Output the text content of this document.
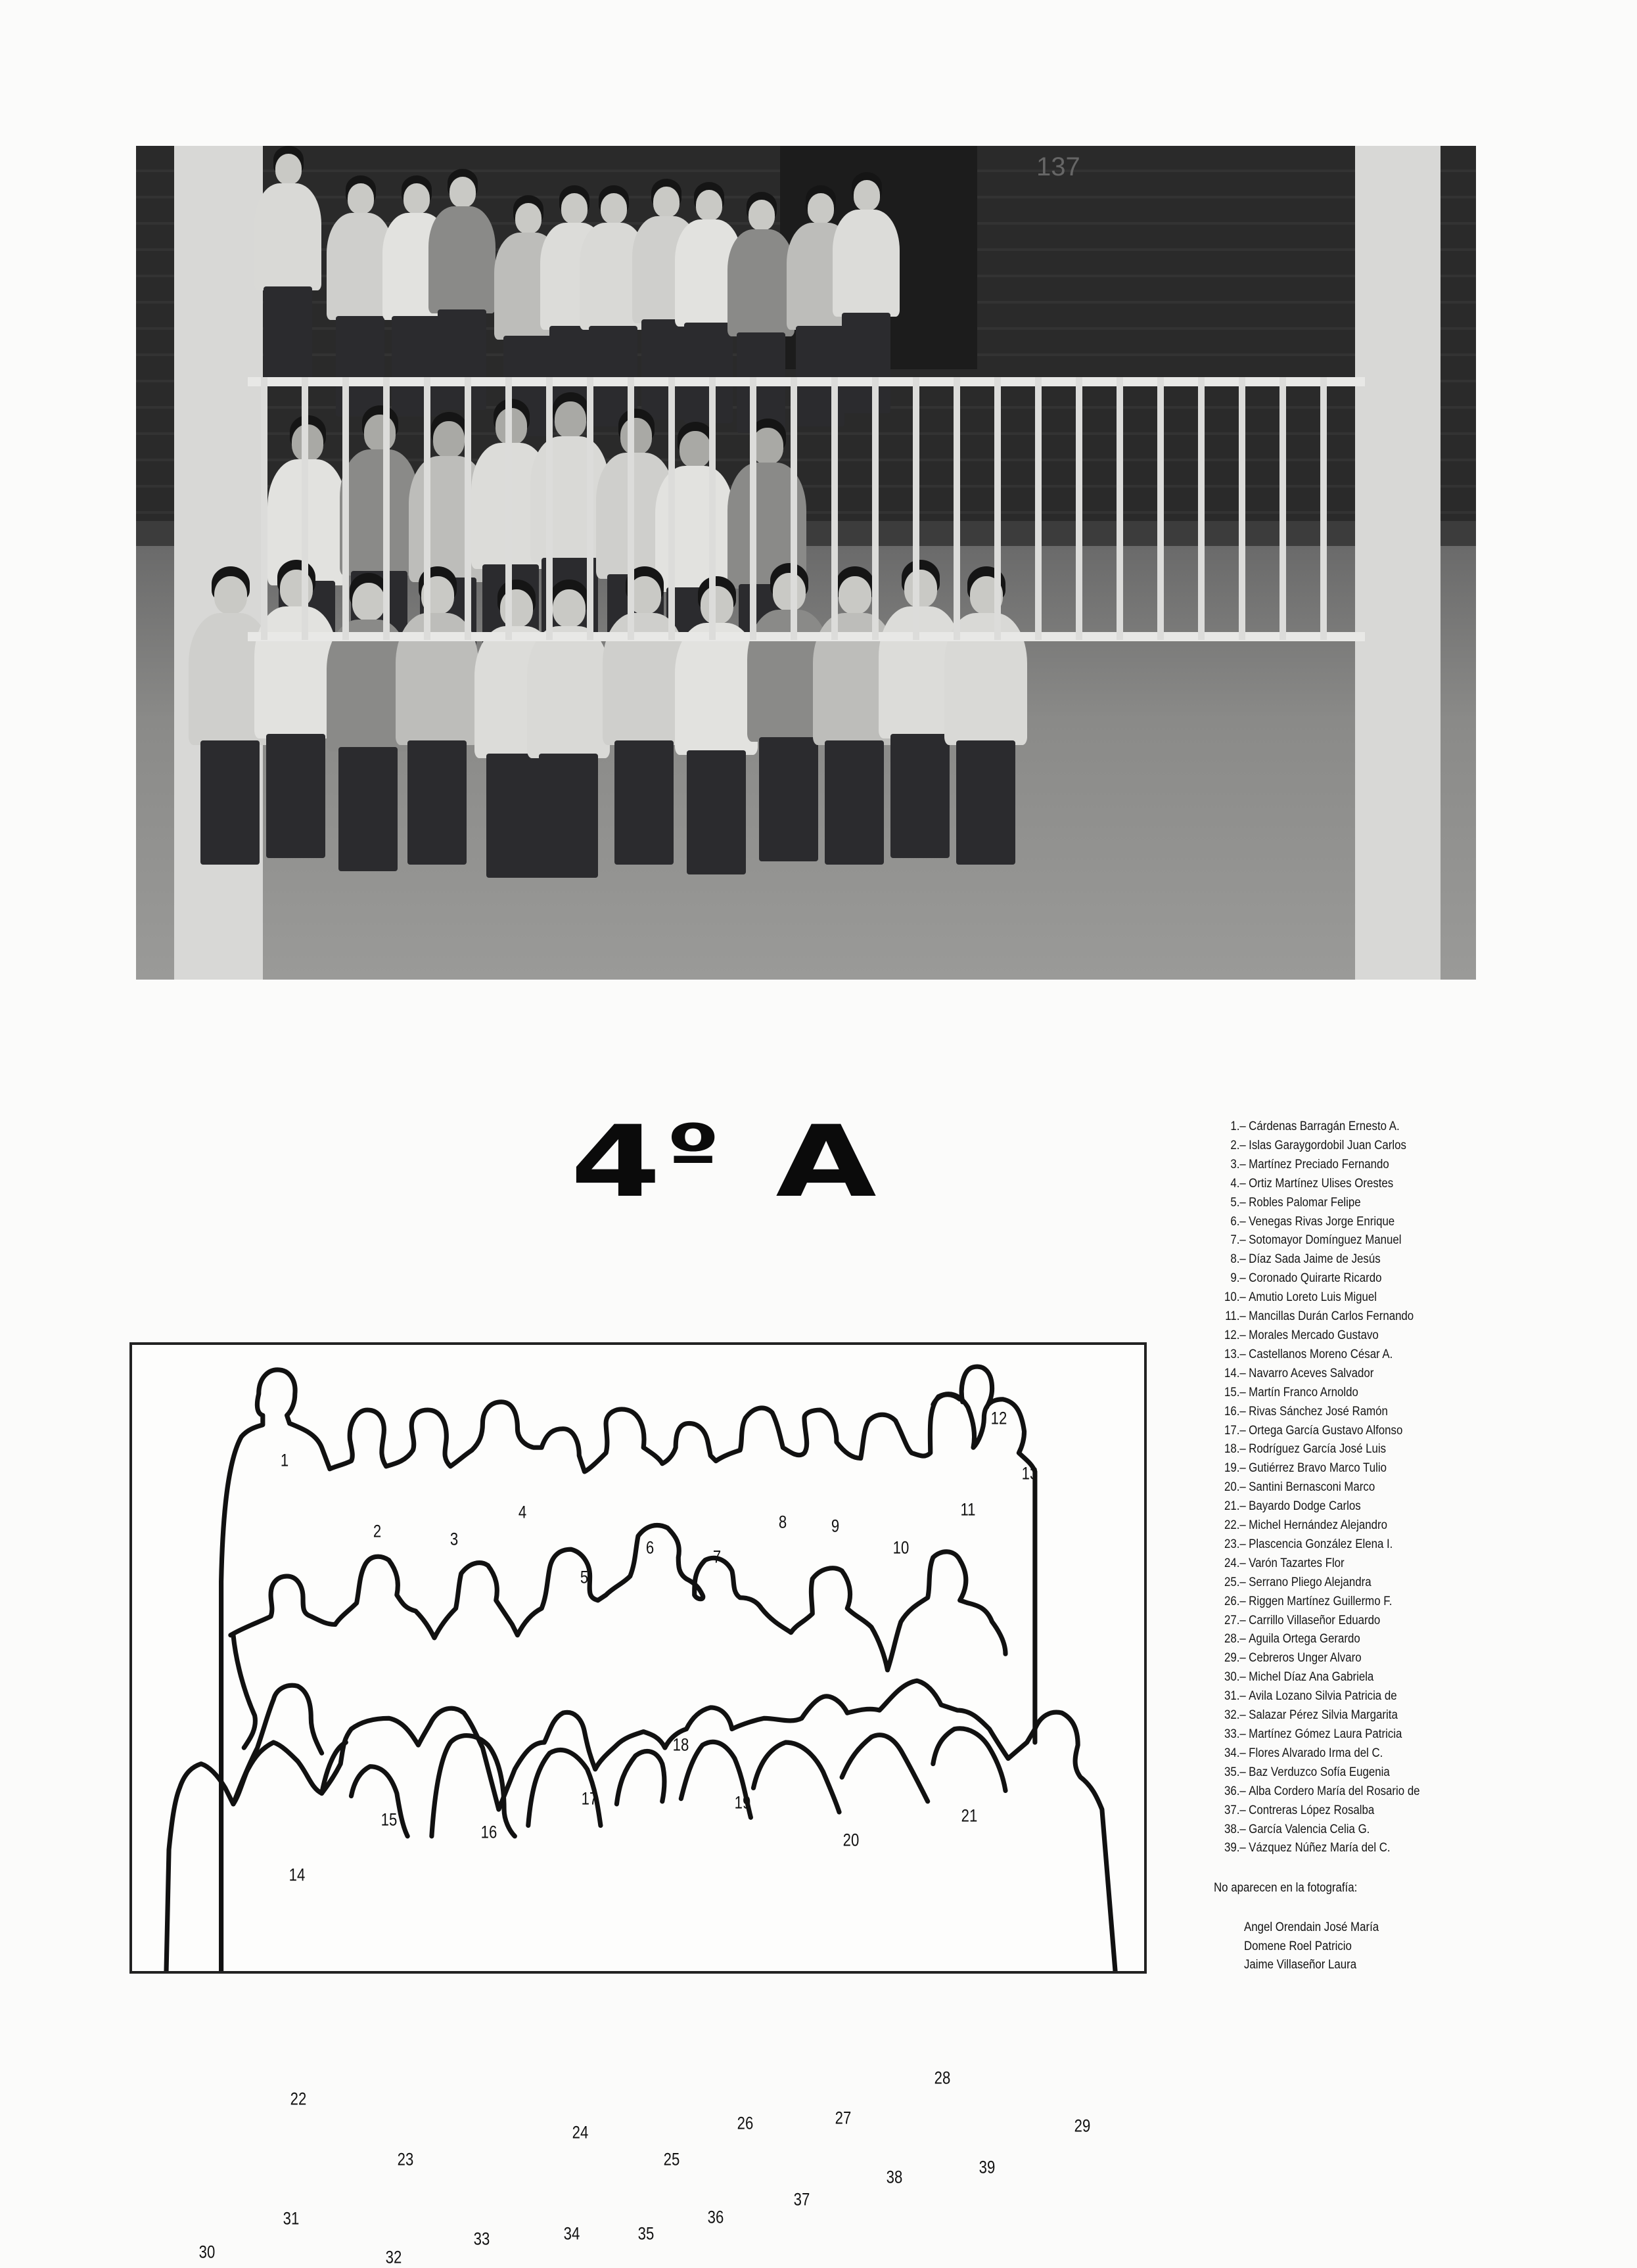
137
$4^º$ A
1
2	3
4
5
6	7
8 9
10
11
12
13
14
15
16
17
18
19
20
21
22
23
24
25
26	27
28
29
30
31
32
33	34	35
36
37
38	39
1. – Cárdenas Barragán Ernesto A.
2. – Islas Garaygordobil Juan Carlos
3. – Martínez Preciado Fernando
4. – Ortiz Martínez Ulises Orestes
5. – Robles Palomar Felipe
6. – Venegas Rivas Jorge Enrique
7. – Sotomayor Domínguez Manuel
8. – Díaz Sada Jaime de Jesús
9. – Coronado Quirarte Ricardo
10. – Amutio Loreto Luis Miguel
11. – Mancillas Durán Carlos Fernando
12. – Morales Mercado Gustavo
13. – Castellanos Moreno César A.
14. – Navarro Aceves Salvador
15. – Martín Franco Arnoldo
16. – Rivas Sánchez José Ramón
17. – Ortega García Gustavo Alfonso
18. – Rodríguez García José Luis
19. – Gutiérrez Bravo Marco Tulio
20. – Santini Bernasconi Marco
21. – Bayardo Dodge Carlos
22. – Michel Hernández Alejandro
23. – Plascencia González Elena I.
24. – Varón Tazartes Flor
25. – Serrano Pliego Alejandra
26. – Riggen Martínez Guillermo F.
27. – Carrillo Villaseñor Eduardo
28. – Aguila Ortega Gerardo
29. – Cebreros Unger Alvaro
30. – Michel Díaz Ana Gabriela
31. – Avila Lozano Silvia Patricia de
32. – Salazar Pérez Silvia Margarita
33. – Martínez Gómez Laura Patricia
34. – Flores Alvarado Irma del C.
35. – Baz Verduzco Sofía Eugenia
36. – Alba Cordero María del Rosario de
37. – Contreras López Rosalba
38. – García Valencia Celia G.
39. – Vázquez Núñez María del C.
No aparecen en la fotografía:
Angel Orendain José María
Domene Roel Patricio
Jaime Villaseñor Laura
